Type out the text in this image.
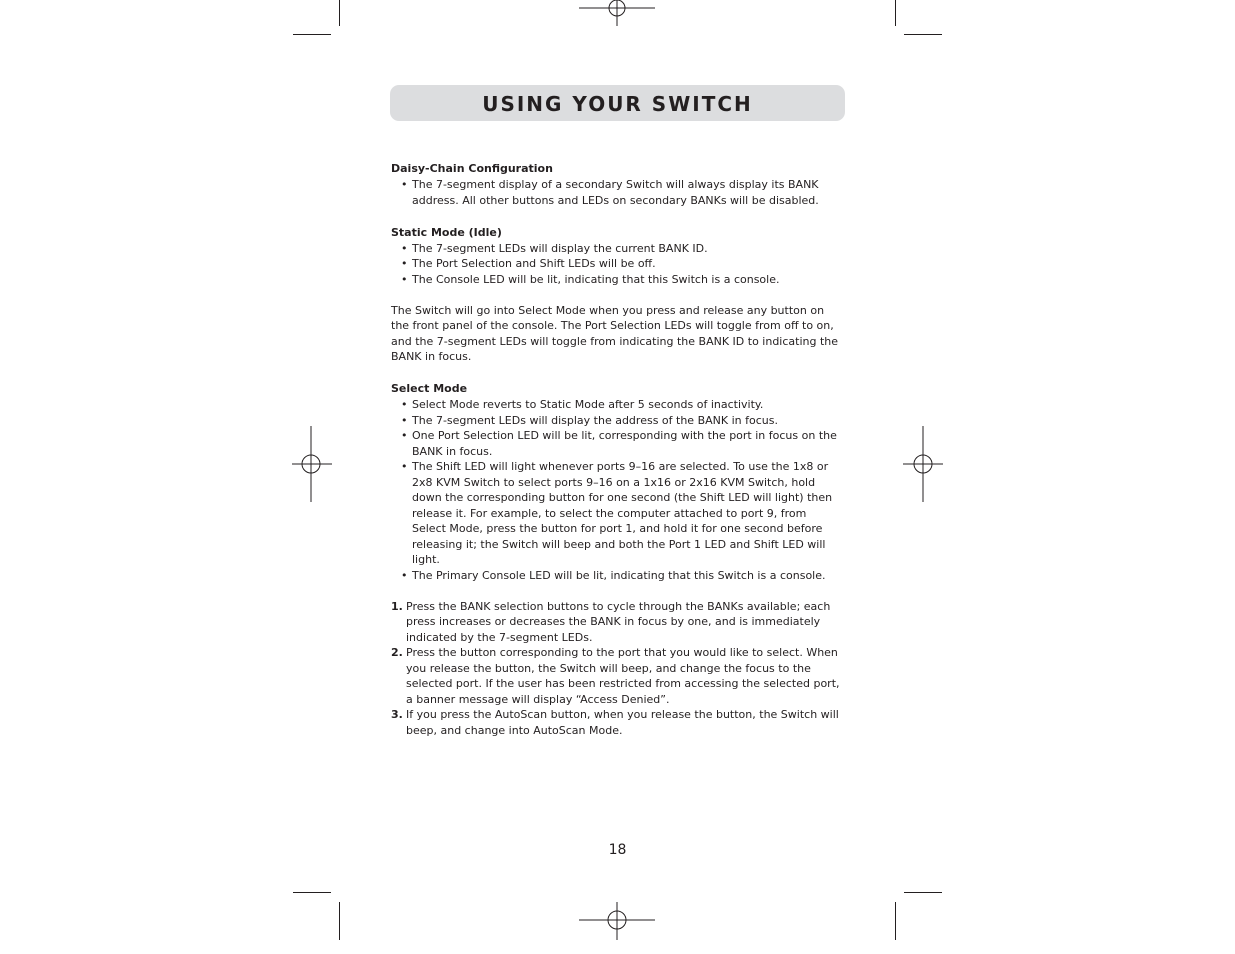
USING YOUR SWITCH

Daisy-Chain Configuration

• The 7-segment display of a secondary Switch will always display its BANK address. All other buttons and LEDs on secondary BANKs will be disabled.

Static Mode (Idle)

• The 7-segment LEDs will display the current BANK ID.
• The Port Selection and Shift LEDs will be off.
• The Console LED will be lit, indicating that this Switch is a console.

The Switch will go into Select Mode when you press and release any button on the front panel of the console. The Port Selection LEDs will toggle from off to on, and the 7-segment LEDs will toggle from indicating the BANK ID to indicating the BANK in focus.

Select Mode

• Select Mode reverts to Static Mode after 5 seconds of inactivity.
• The 7-segment LEDs will display the address of the BANK in focus.
• One Port Selection LED will be lit, corresponding with the port in focus on the BANK in focus.
• The Shift LED will light whenever ports 9–16 are selected. To use the 1x8 or 2x8 KVM Switch to select ports 9–16 on a 1x16 or 2x16 KVM Switch, hold down the corresponding button for one second (the Shift LED will light) then release it. For example, to select the computer attached to port 9, from Select Mode, press the button for port 1, and hold it for one second before releasing it; the Switch will beep and both the Port 1 LED and Shift LED will light.
• The Primary Console LED will be lit, indicating that this Switch is a console.
1. Press the BANK selection buttons to cycle through the BANKs available; each press increases or decreases the BANK in focus by one, and is immediately indicated by the 7-segment LEDs.
2. Press the button corresponding to the port that you would like to select. When you release the button, the Switch will beep, and change the focus to the selected port. If the user has been restricted from accessing the selected port, a banner message will display “Access Denied”.
3. If you press the AutoScan button, when you release the button, the Switch will beep, and change into AutoScan Mode.

18
